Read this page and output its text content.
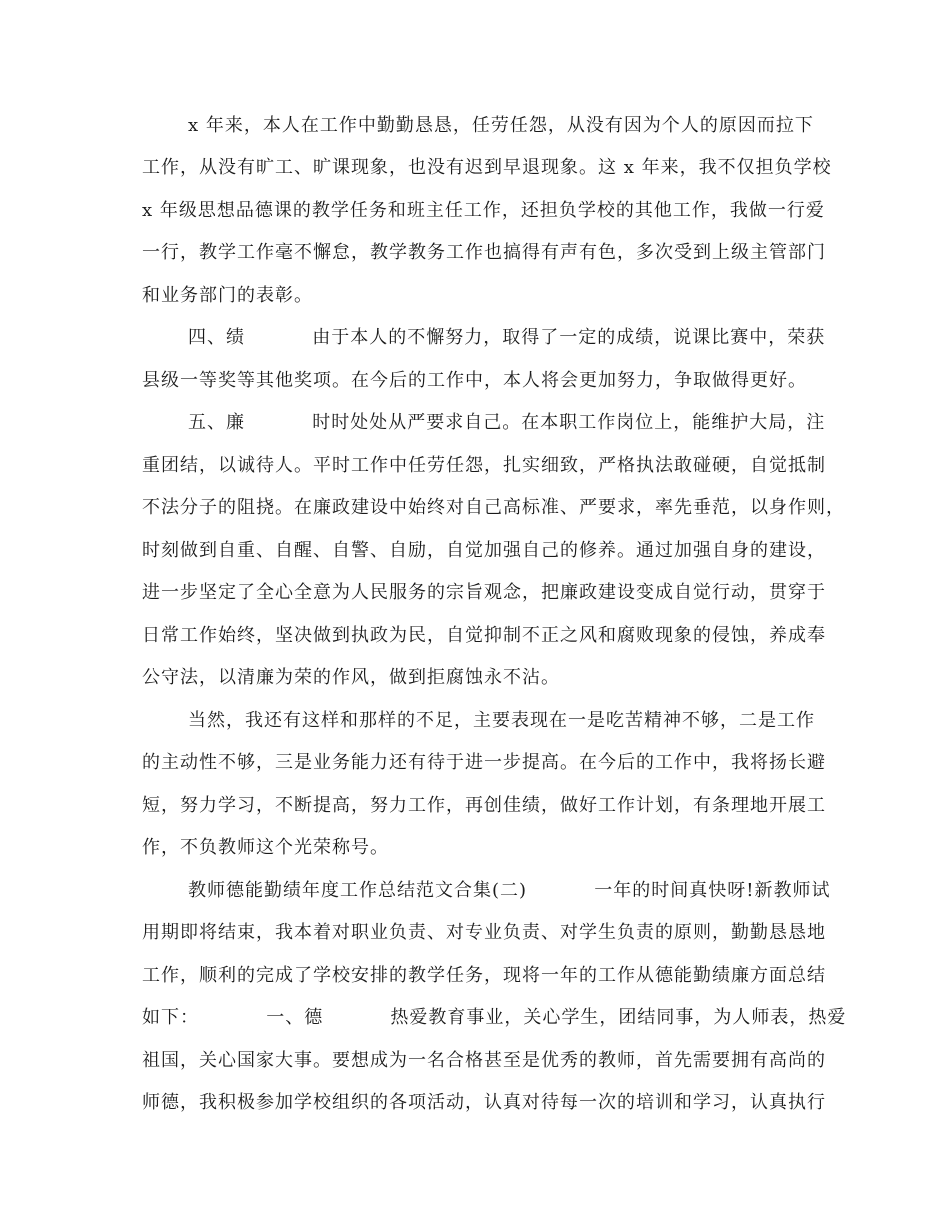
x 年来，本人在工作中勤勤恳恳，任劳任怨，从没有因为个人的原因而拉下
工作，从没有旷工、旷课现象，也没有迟到早退现象。这 x 年来，我不仅担负学校
x 年级思想品德课的教学任务和班主任工作，还担负学校的其他工作，我做一行爱
一行，教学工作毫不懈怠，教学教务工作也搞得有声有色，多次受到上级主管部门
和业务部门的表彰。
四、绩          由于本人的不懈努力，取得了一定的成绩，说课比赛中，荣获
县级一等奖等其他奖项。在今后的工作中，本人将会更加努力，争取做得更好。
五、廉          时时处处从严要求自己。在本职工作岗位上，能维护大局，注
重团结，以诚待人。平时工作中任劳任怨，扎实细致，严格执法敢碰硬，自觉抵制
不法分子的阻挠。在廉政建设中始终对自己高标准、严要求，率先垂范，以身作则，
时刻做到自重、自醒、自警、自励，自觉加强自己的修养。通过加强自身的建设，
进一步坚定了全心全意为人民服务的宗旨观念，把廉政建设变成自觉行动，贯穿于
日常工作始终，坚决做到执政为民，自觉抑制不正之风和腐败现象的侵蚀，养成奉
公守法，以清廉为荣的作风，做到拒腐蚀永不沾。
当然，我还有这样和那样的不足，主要表现在一是吃苦精神不够，二是工作
的主动性不够，三是业务能力还有待于进一步提高。在今后的工作中，我将扬长避
短，努力学习，不断提高，努力工作，再创佳绩，做好工作计划，有条理地开展工
作，不负教师这个光荣称号。
教师德能勤绩年度工作总结范文合集(二)          一年的时间真快呀!新教师试
用期即将结束，我本着对职业负责、对专业负责、对学生负责的原则，勤勤恳恳地
工作，顺利的完成了学校安排的教学任务，现将一年的工作从德能勤绩廉方面总结
如下：          一、德          热爱教育事业，关心学生，团结同事，为人师表，热爱
祖国，关心国家大事。要想成为一名合格甚至是优秀的教师，首先需要拥有高尚的
师德，我积极参加学校组织的各项活动，认真对待每一次的培训和学习，认真执行
